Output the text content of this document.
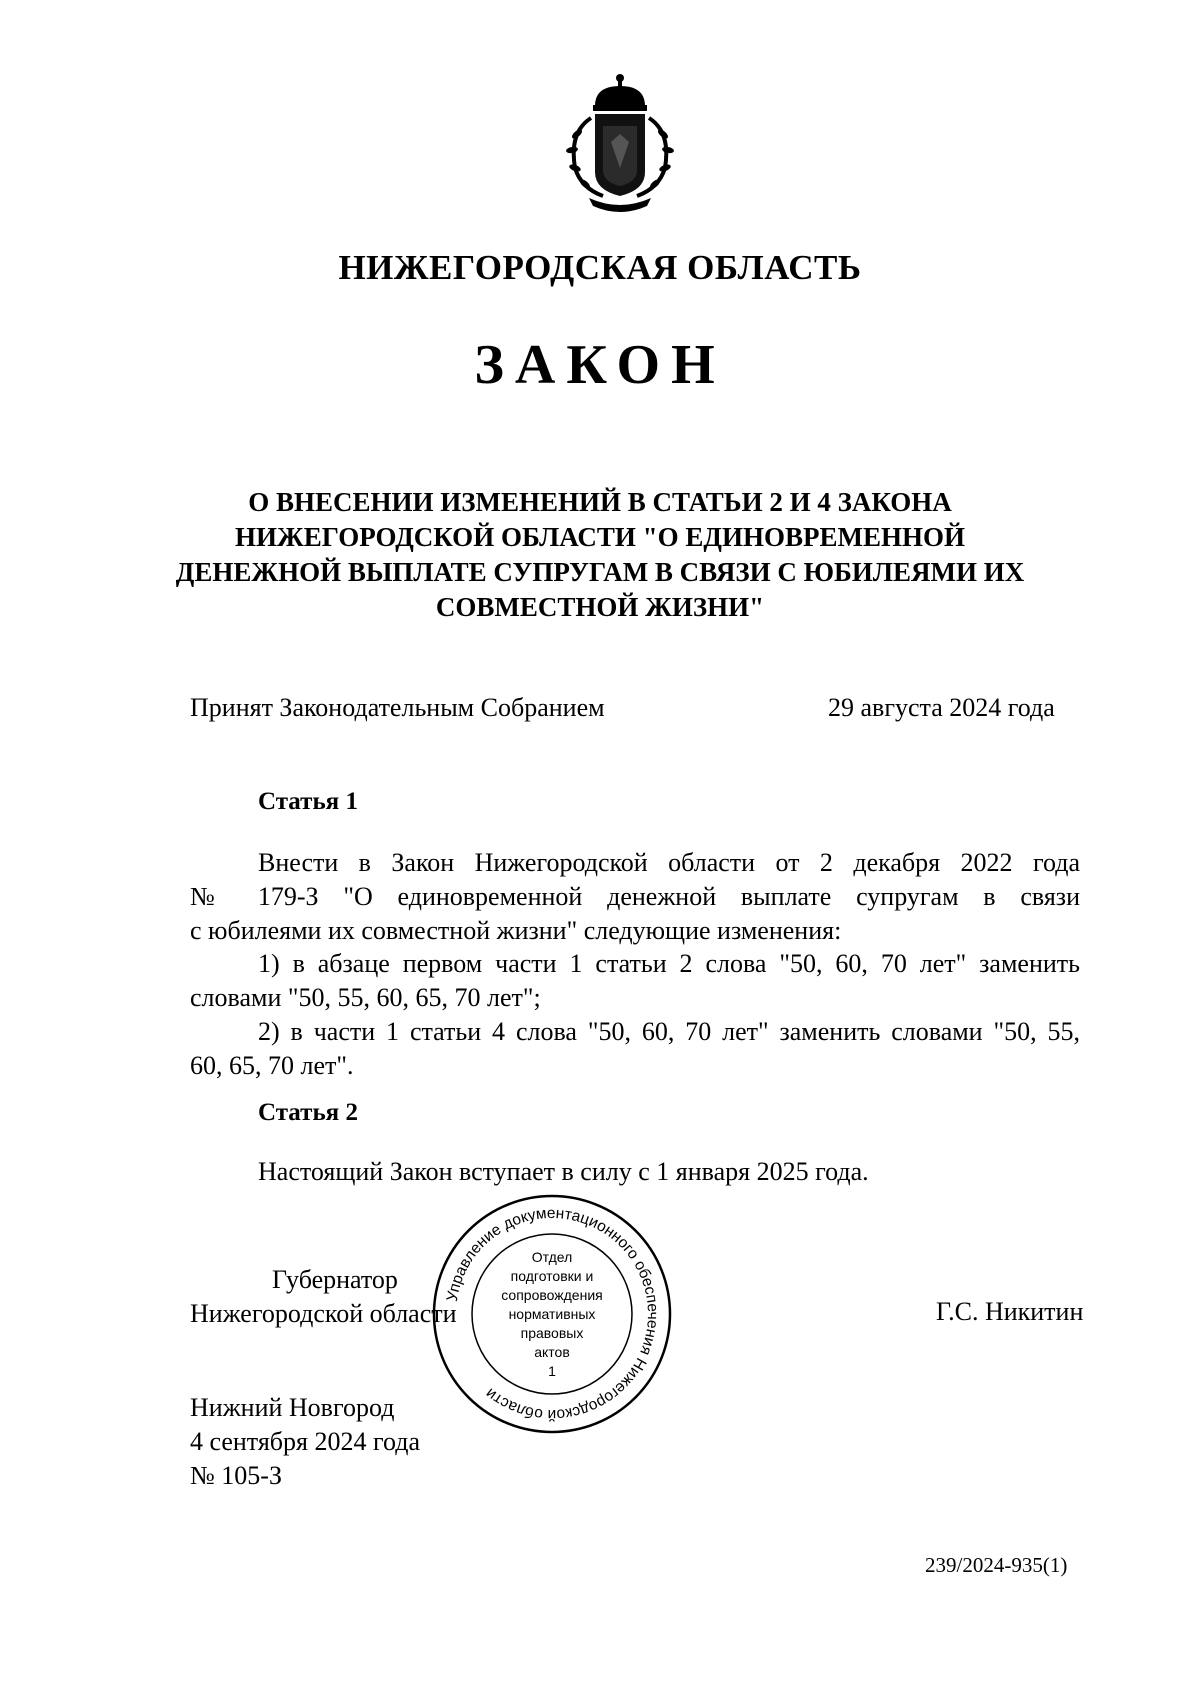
НИЖЕГОРОДСКАЯ ОБЛАСТЬ
ЗАКОН
О ВНЕСЕНИИ ИЗМЕНЕНИЙ В СТАТЬИ 2 И 4 ЗАКОНА
НИЖЕГОРОДСКОЙ ОБЛАСТИ "О ЕДИНОВРЕМЕННОЙ
ДЕНЕЖНОЙ ВЫПЛАТЕ СУПРУГАМ В СВЯЗИ С ЮБИЛЕЯМИ ИХ
СОВМЕСТНОЙ ЖИЗНИ"
Принят Законодательным Собранием	29 августа 2024 года
Статья 1
Внести в Закон Нижегородской области от 2 декабря 2022 года
№ 179-З "О единовременной денежной выплате супругам в связи
с юбилеями их совместной жизни" следующие изменения:
1) в абзаце первом части 1 статьи 2 слова "50, 60, 70 лет" заменить
словами "50, 55, 60, 65, 70 лет";
2) в части 1 статьи 4 слова "50, 60, 70 лет" заменить словами "50, 55,
60, 65, 70 лет".
Статья 2
Настоящий Закон вступает в силу с 1 января 2025 года.
Губернатор
Нижегородской области	Г.С. Никитин
Управление документационного обеспечения Нижегородской области
Отдел
подготовки и
сопровождения
нормативных
правовых
актов
1
Нижний Новгород
4 сентября 2024 года
№ 105-З
239/2024-935(1)
